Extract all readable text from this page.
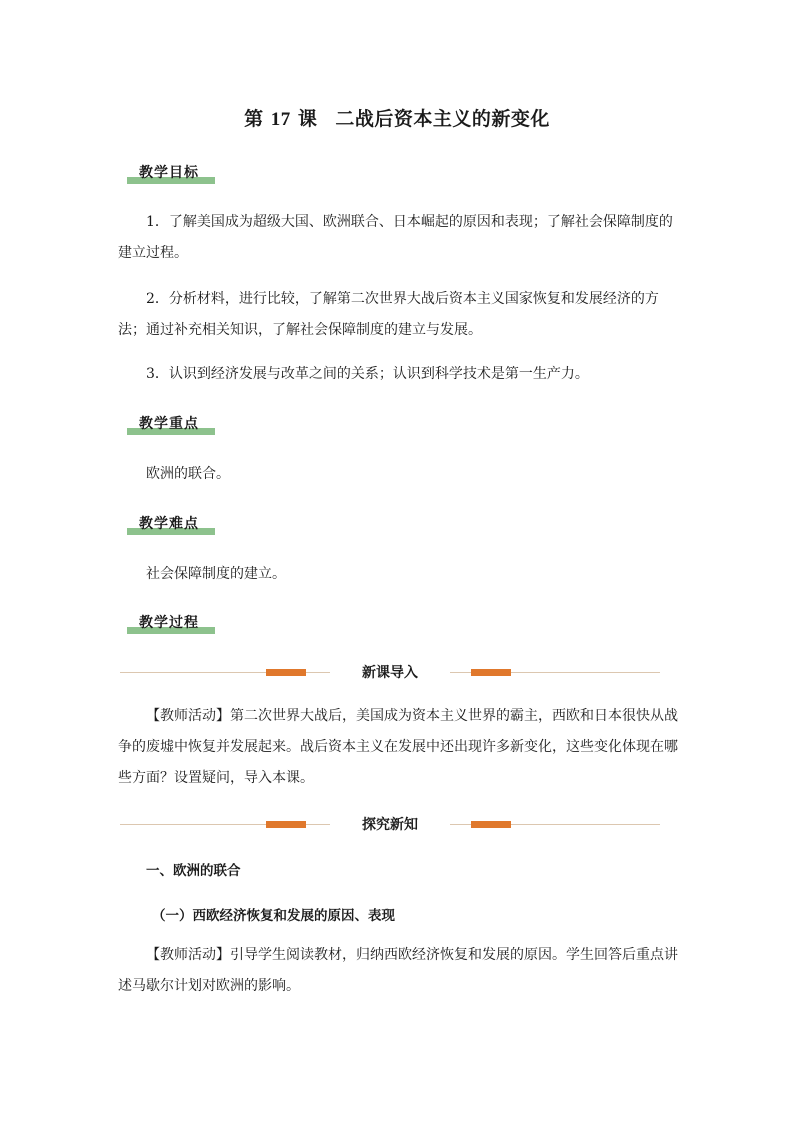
第 17 课 二战后资本主义的新变化
教学目标

1．了解美国成为超级大国、欧洲联合、日本崛起的原因和表现；了解社会保障制度的建立过程。

2．分析材料，进行比较，了解第二次世界大战后资本主义国家恢复和发展经济的方法；通过补充相关知识，了解社会保障制度的建立与发展。

3．认识到经济发展与改革之间的关系；认识到科学技术是第一生产力。

教学重点
欧洲的联合。
教学难点
社会保障制度的建立。
教学过程
新课导入

【教师活动】第二次世界大战后，美国成为资本主义世界的霸主，西欧和日本很快从战争的废墟中恢复并发展起来。战后资本主义在发展中还出现许多新变化，这些变化体现在哪些方面？设置疑问，导入本课。

探究新知
一、欧洲的联合
（一）西欧经济恢复和发展的原因、表现

【教师活动】引导学生阅读教材，归纳西欧经济恢复和发展的原因。学生回答后重点讲述马歇尔计划对欧洲的影响。
